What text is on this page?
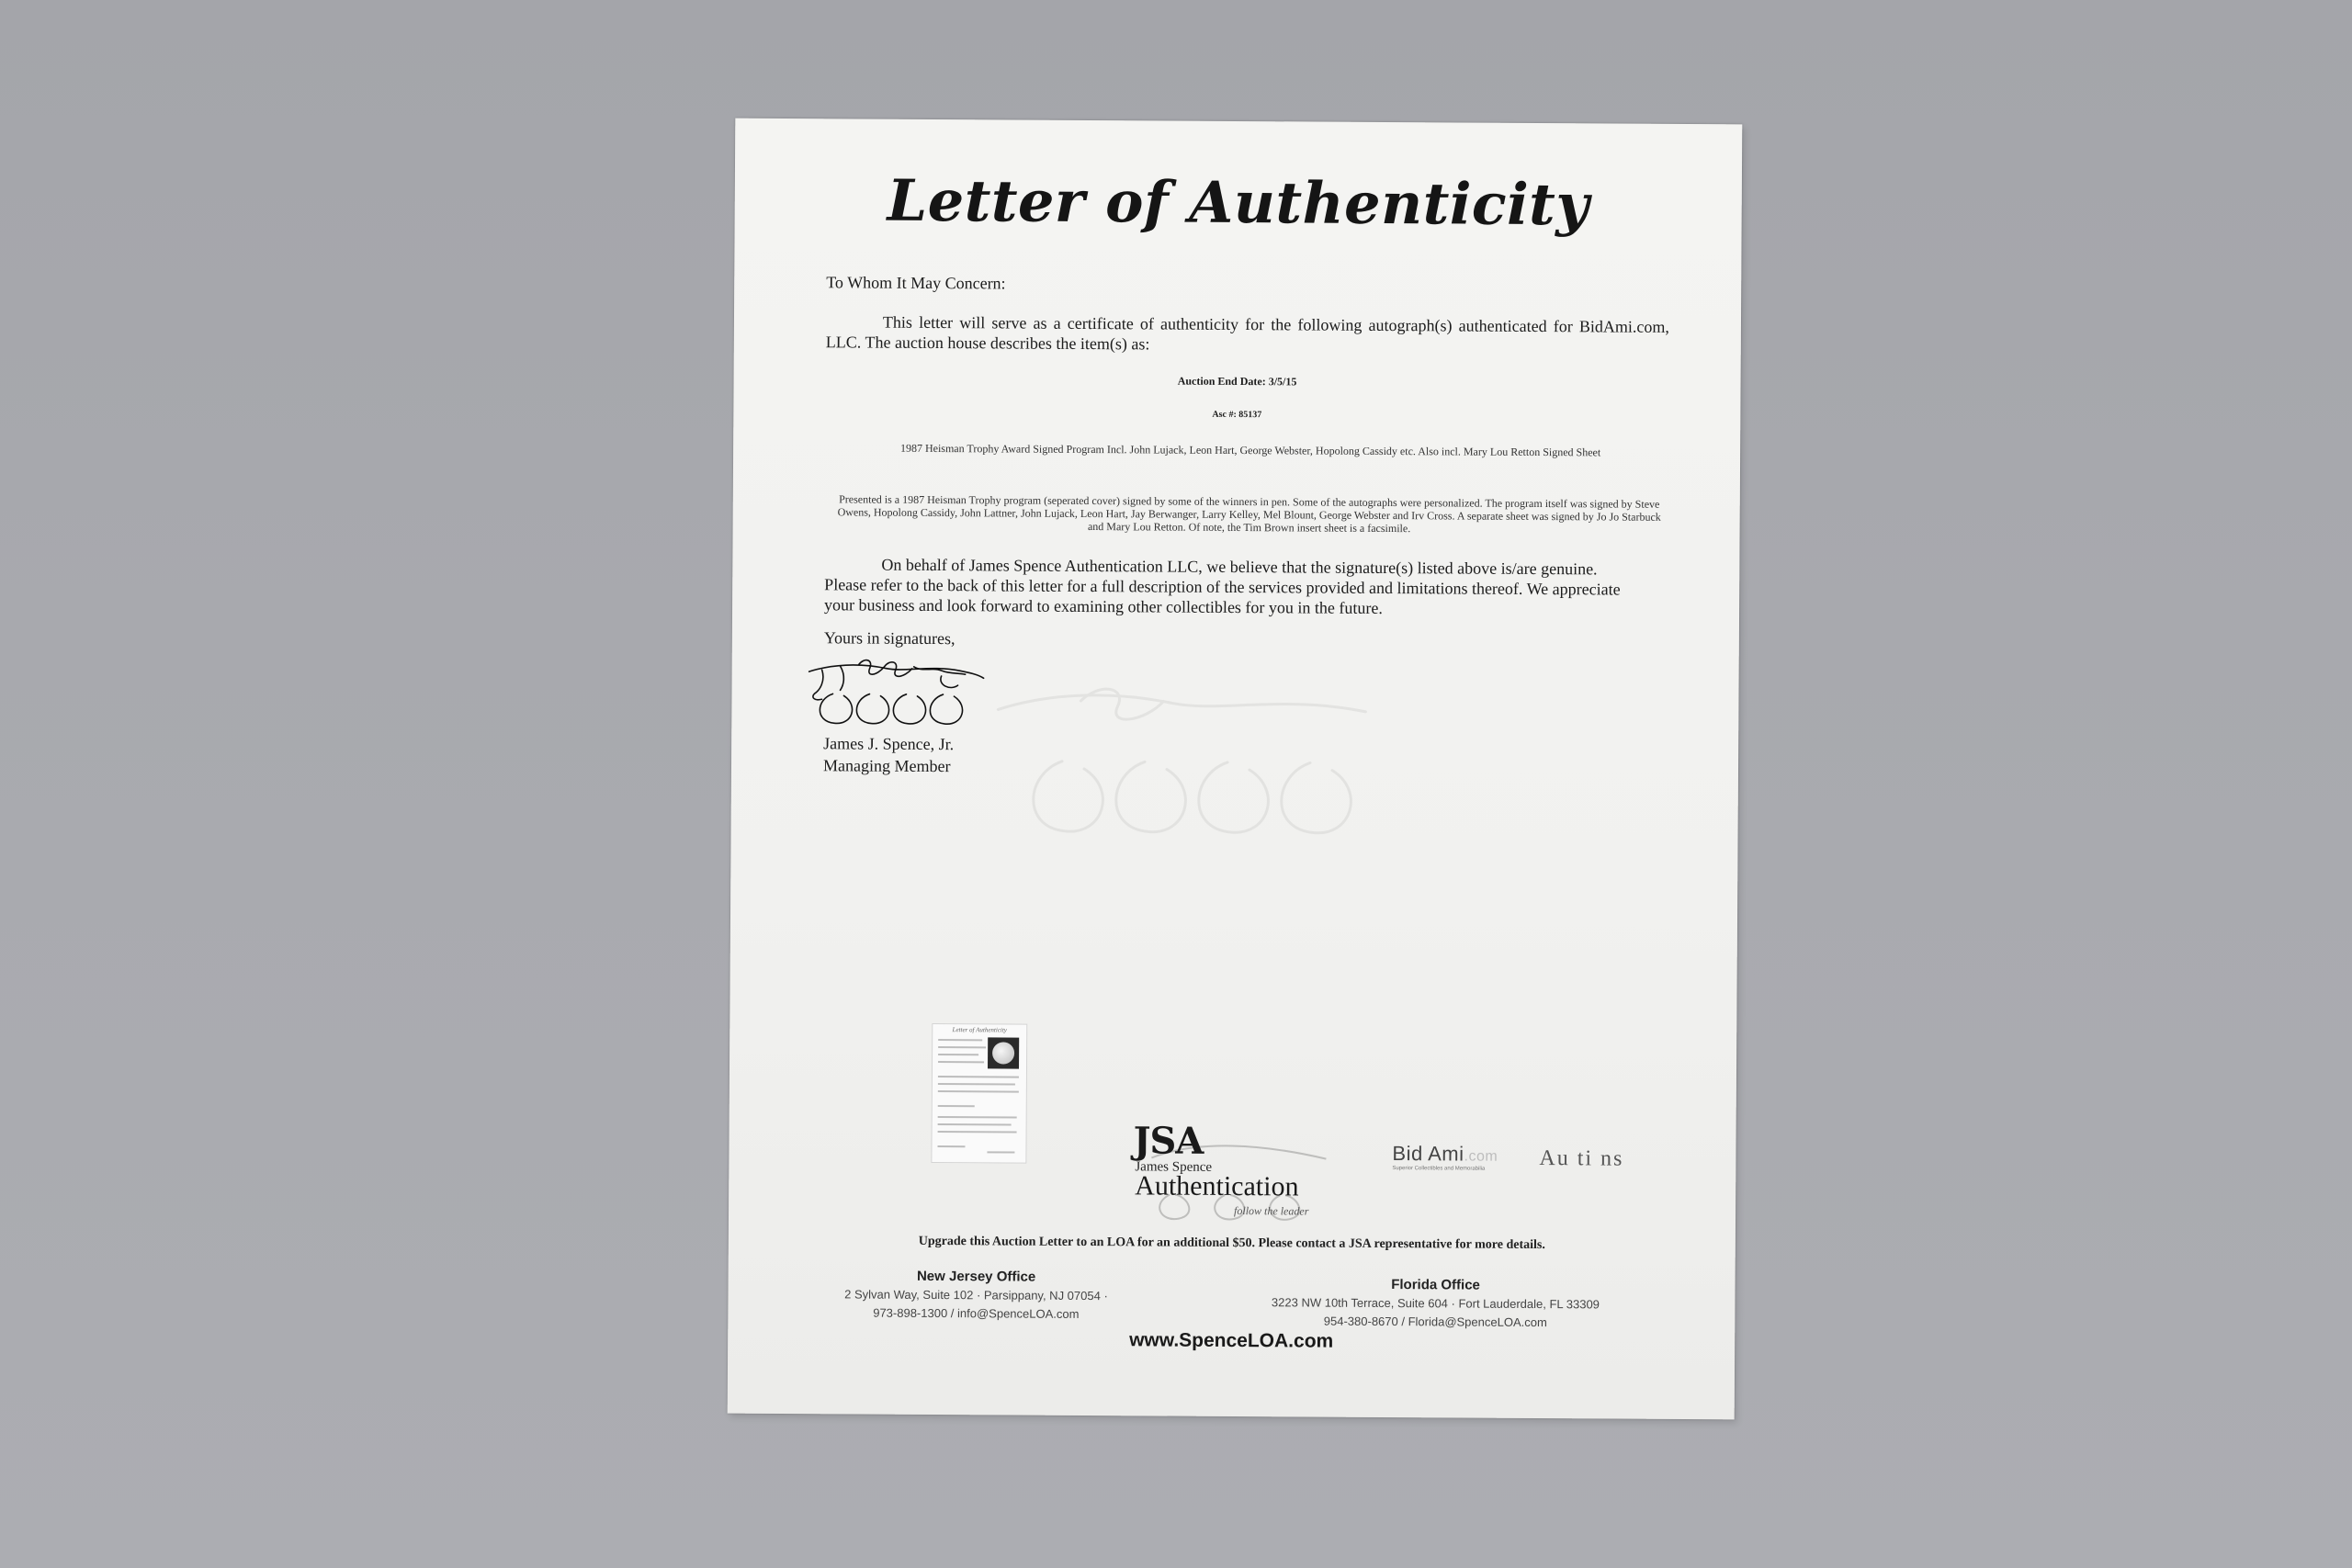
Letter of Authenticity
To Whom It May Concern:
This letter will serve as a certificate of authenticity for the following autograph(s) authenticated for BidAmi.com, LLC. The auction house describes the item(s) as:
Auction End Date: 3/5/15
Asc #: 85137
1987 Heisman Trophy Award Signed Program Incl. John Lujack, Leon Hart, George Webster, Hopolong Cassidy etc. Also incl. Mary Lou Retton Signed Sheet
Presented is a 1987 Heisman Trophy program (seperated cover) signed by some of the winners in pen. Some of the autographs were personalized. The program itself was signed by Steve Owens, Hopolong Cassidy, John Lattner, John Lujack, Leon Hart, Jay Berwanger, Larry Kelley, Mel Blount, George Webster and Irv Cross. A separate sheet was signed by Jo Jo Starbuck and Mary Lou Retton. Of note, the Tim Brown insert sheet is a facsimile.
On behalf of James Spence Authentication LLC, we believe that the signature(s) listed above is/are genuine. Please refer to the back of this letter for a full description of the services provided and limitations thereof. We appreciate your business and look forward to examining other collectibles for you in the future.
Yours in signatures,
James J. Spence, Jr.
Managing Member
Letter of Authenticity
JSA
James Spence
Authentication
follow the leader
Bid Ami.com
Superior Collectibles and Memorabilia Au ti ns
Upgrade this Auction Letter to an LOA for an additional $50. Please contact a JSA representative for more details.
New Jersey Office
2 Sylvan Way, Suite 102 · Parsippany, NJ 07054 ·
973-898-1300 / info@SpenceLOA.com
Florida Office
3223 NW 10th Terrace, Suite 604 · Fort Lauderdale, FL 33309
954-380-8670 / Florida@SpenceLOA.com
www.SpenceLOA.com
